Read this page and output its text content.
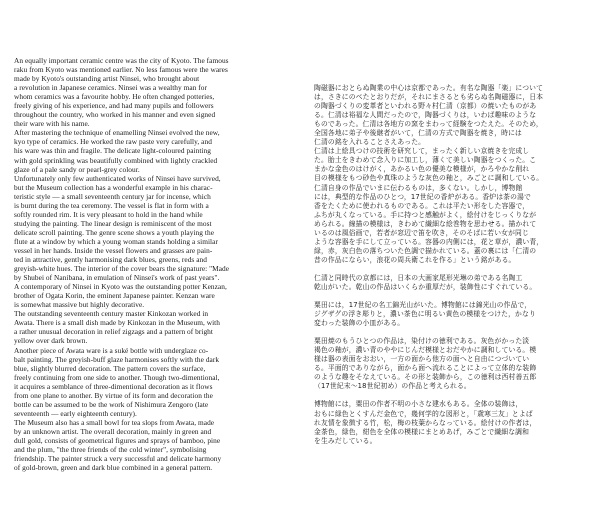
An equally important ceramic centre was the city of Kyoto. The famous
raku from Kyoto was mentioned earlier. No less famous were the wares
made by Kyoto's outstanding artist Ninsei, who brought about
a revolution in Japanese ceramics. Ninsei was a wealthy man for
whom ceramics was a favourite hobby. He often changed potteries,
freely giving of his experience, and had many pupils and followers
throughout the country, who worked in his manner and even signed
their ware with his name.
After mastering the technique of enamelling Ninsei evolved the new,
kyo type of ceramics. He worked the raw paste very carefully, and
his ware was thin and fragile. The delicate light-coloured painting
with gold sprinkling was beautifully combined with lightly crackled
glaze of a pale sandy or pearl-grey colour.
Unfortunately only few authenticated works of Ninsei have survived,
but the Museum collection has a wonderful example in his charac-
teristic style — a small seventeenth century jar for incense, which
is burnt during the tea ceremony. The vessel is flat in form with a
softly rounded rim. It is very pleasant to hold in the hand while
studying the painting. The linear design is reminiscent of the most
delicate scroll painting. The genre scene shows a youth playing the
flute at a window by which a young woman stands holding a similar
vessel in her hands. Inside the vessel flowers and grasses are pain-
ted in attractive, gently harmonising dark blues, greens, reds and
greyish-white hues. The interior of the cover bears the signature: "Made
by Shubei of Nanibana, in emulation of Ninsei's work of past years".
A contemporary of Ninsei in Kyoto was the outstanding potter Kenzan,
brother of Ogata Korin, the eminent Japanese painter. Kenzan ware
is somewhat massive but highly decorative.
The outstanding seventeenth century master Kinkozan worked in
Awata. There is a small dish made by Kinkozan in the Museum, with
a rather unusual decoration in relief zigzags and a pattern of bright
yellow over dark brown.
Another piece of Awata ware is a suké bottle with underglaze co-
balt painting. The greyish-buff glaze harmonises softly with the dark
blue, slightly blurred decoration. The pattern covers the surface,
freely continuing from one side to another. Though two-dimentional,
it acquires a semblance of three-dimentional decoration as it flows
from one plane to another. By virtue of its form and decoration the
bottle can be assumed to be the work of Nishimura Zengoro (late
seventeenth — early eighteenth century).
The Museum also has a small bowl for tea slops from Awata, made
by an unknown artist. The overall decoration, mainly in green and
dull gold, consists of geometrical figures and sprays of bamboo, pine
and the plum, "the three friends of the cold winter", symbolising
friendship. The painter struck a very successful and delicate harmony
of gold-brown, green and dark blue combined in a general pattern.
陶磁器におとらぬ陶業の中心は京都であった。有名な陶器「楽」について
は，さきにのべたとおりだが，それにまさるとも劣らぬ名陶磁器に，日本
の陶器づくりの変革者といわれる野々村仁清（京都）の焼いたものがあ
る。仁清は裕福な人間だったので，陶器づくりは，いわば趣味のような
ものであった。仁清は各地方の窯をまわって経験をつたえた。そのため，
全国各地に弟子や後継者がいて，仁清の方式で陶器を焼き，時には
仁清の銘を入れることさえあった。
仁清は上絵具つけの技術を研究して，まったく新しい京焼きを完成し
た。胎土をきわめて念入りに加工し，薄くて美しい陶器をつくった。こ
まかな金色のはけがく，あかるい色の優美な模様が，かろやかな削れ
目の模様をもつ砂色や真珠のような灰色の釉と，みごとに調和している。
仁清自身の作品でいまに伝わるものは，多くない。しかし，博物館
には，典型的な作品のひとつ，17世紀の香炉がある。香炉は茶の湯で
香をたくために使われるものである。これは平たい形をした容器で，
ふちが丸くなっている。手に持つと感触がよく，絵付けをじっくりなが
められる。線描の模様は，きわめて繊細な絵巻物を思わせる。描かれて
いるのは風俗画で，若者が窓辺で笛を吹き，そのそばに若い女が同じ
ような容器を手にして立っている。容器の内側には，花と草が，濃い青，
緑，赤，灰白色の落ちついた色調で描かれている。蓋の裏には「仁清の
昔の作品にならい，浪花の周兵衛これを作る」という銘がある。
仁清と同時代の京都には，日本の大画家尾形光琳の弟である名陶工
乾山がいた。乾山の作品はいくらか重厚だが，装飾性にすぐれている。
粟田には，17世紀の名工錦光山がいた。博物館には錦光山の作品で，
ジグザグの浮き彫りと，濃い茶色に明るい黄色の模様をつけた，かなり
変わった装飾の小皿がある。
粟田焼のもうひとつの作品は，染付けの徳利である。灰色がかった淡
褐色の釉が，濃い青のややにじんだ模様とおだやかに調和している。模
様は器の表面をおおい，一方の面から他方の面へと自由につづいてい
る。平面的でありながら，面から面へ流れることによって立体的な装飾
のような趣をそなえている。その形と装飾から，この徳利は西村善五郎
（17世紀末〜18世紀初め）の作品と考えられる。
博物館には，粟田の作者不明の小さな建水もある。全体の装飾は，
おもに緑色とくすんだ金色で，幾何学的な図形と，「歳寒三友」とよば
れ友情を象徴する竹，松，梅の枝葉からなっている。絵付けの作者は，
金茶色，緑色，紺色を全体の模様にまとめあげ，みごとで繊細な調和
を生みだしている。
